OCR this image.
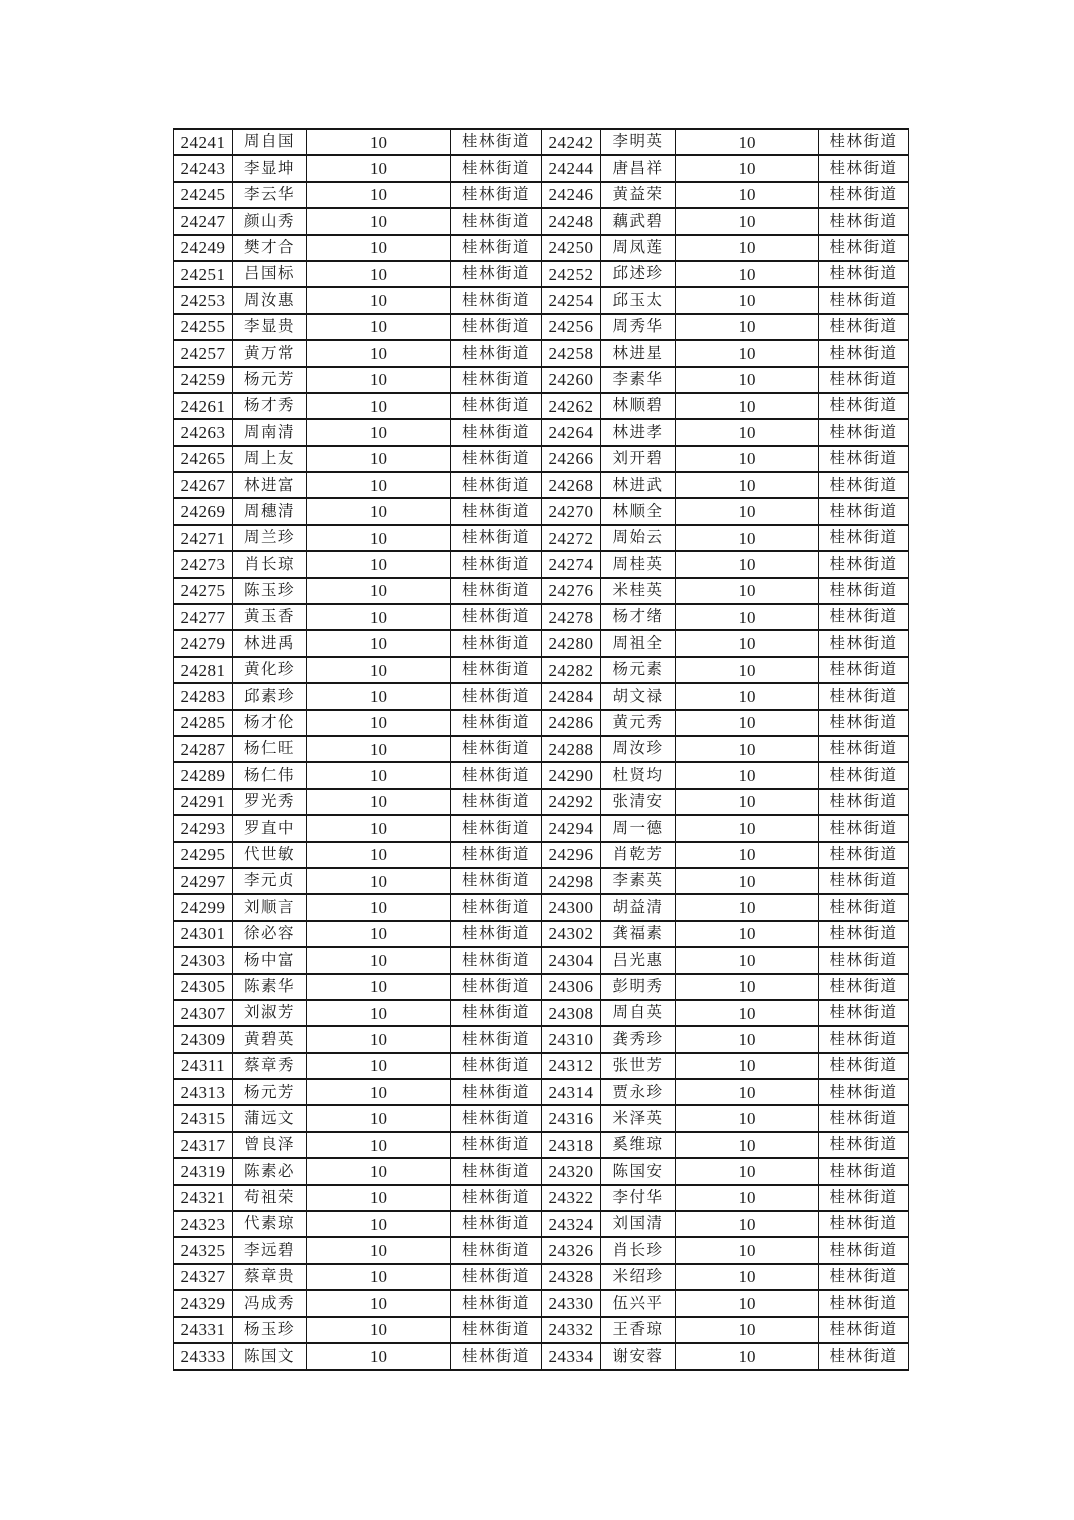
24241	周自国	10	桂林街道	24242	李明英	10	桂林街道
24243	李显坤	10	桂林街道	24244	唐昌祥	10	桂林街道
24245	李云华	10	桂林街道	24246	黄益荣	10	桂林街道
24247	颜山秀	10	桂林街道	24248	藕武碧	10	桂林街道
24249	樊才合	10	桂林街道	24250	周凤莲	10	桂林街道
24251	吕国标	10	桂林街道	24252	邱述珍	10	桂林街道
24253	周汝惠	10	桂林街道	24254	邱玉太	10	桂林街道
24255	李显贵	10	桂林街道	24256	周秀华	10	桂林街道
24257	黄万常	10	桂林街道	24258	林进星	10	桂林街道
24259	杨元芳	10	桂林街道	24260	李素华	10	桂林街道
24261	杨才秀	10	桂林街道	24262	林顺碧	10	桂林街道
24263	周南清	10	桂林街道	24264	林进孝	10	桂林街道
24265	周上友	10	桂林街道	24266	刘开碧	10	桂林街道
24267	林进富	10	桂林街道	24268	林进武	10	桂林街道
24269	周穗清	10	桂林街道	24270	林顺全	10	桂林街道
24271	周兰珍	10	桂林街道	24272	周始云	10	桂林街道
24273	肖长琼	10	桂林街道	24274	周桂英	10	桂林街道
24275	陈玉珍	10	桂林街道	24276	米桂英	10	桂林街道
24277	黄玉香	10	桂林街道	24278	杨才绪	10	桂林街道
24279	林进禹	10	桂林街道	24280	周祖全	10	桂林街道
24281	黄化珍	10	桂林街道	24282	杨元素	10	桂林街道
24283	邱素珍	10	桂林街道	24284	胡文禄	10	桂林街道
24285	杨才伦	10	桂林街道	24286	黄元秀	10	桂林街道
24287	杨仁旺	10	桂林街道	24288	周汝珍	10	桂林街道
24289	杨仁伟	10	桂林街道	24290	杜贤均	10	桂林街道
24291	罗光秀	10	桂林街道	24292	张清安	10	桂林街道
24293	罗直中	10	桂林街道	24294	周一德	10	桂林街道
24295	代世敏	10	桂林街道	24296	肖乾芳	10	桂林街道
24297	李元贞	10	桂林街道	24298	李素英	10	桂林街道
24299	刘顺言	10	桂林街道	24300	胡益清	10	桂林街道
24301	徐必容	10	桂林街道	24302	龚福素	10	桂林街道
24303	杨中富	10	桂林街道	24304	吕光惠	10	桂林街道
24305	陈素华	10	桂林街道	24306	彭明秀	10	桂林街道
24307	刘淑芳	10	桂林街道	24308	周自英	10	桂林街道
24309	黄碧英	10	桂林街道	24310	龚秀珍	10	桂林街道
24311	蔡章秀	10	桂林街道	24312	张世芳	10	桂林街道
24313	杨元芳	10	桂林街道	24314	贾永珍	10	桂林街道
24315	蒲远文	10	桂林街道	24316	米泽英	10	桂林街道
24317	曾良泽	10	桂林街道	24318	奚维琼	10	桂林街道
24319	陈素必	10	桂林街道	24320	陈国安	10	桂林街道
24321	苟祖荣	10	桂林街道	24322	李付华	10	桂林街道
24323	代素琼	10	桂林街道	24324	刘国清	10	桂林街道
24325	李远碧	10	桂林街道	24326	肖长珍	10	桂林街道
24327	蔡章贵	10	桂林街道	24328	米绍珍	10	桂林街道
24329	冯成秀	10	桂林街道	24330	伍兴平	10	桂林街道
24331	杨玉珍	10	桂林街道	24332	王香琼	10	桂林街道
24333	陈国文	10	桂林街道	24334	谢安蓉	10	桂林街道
